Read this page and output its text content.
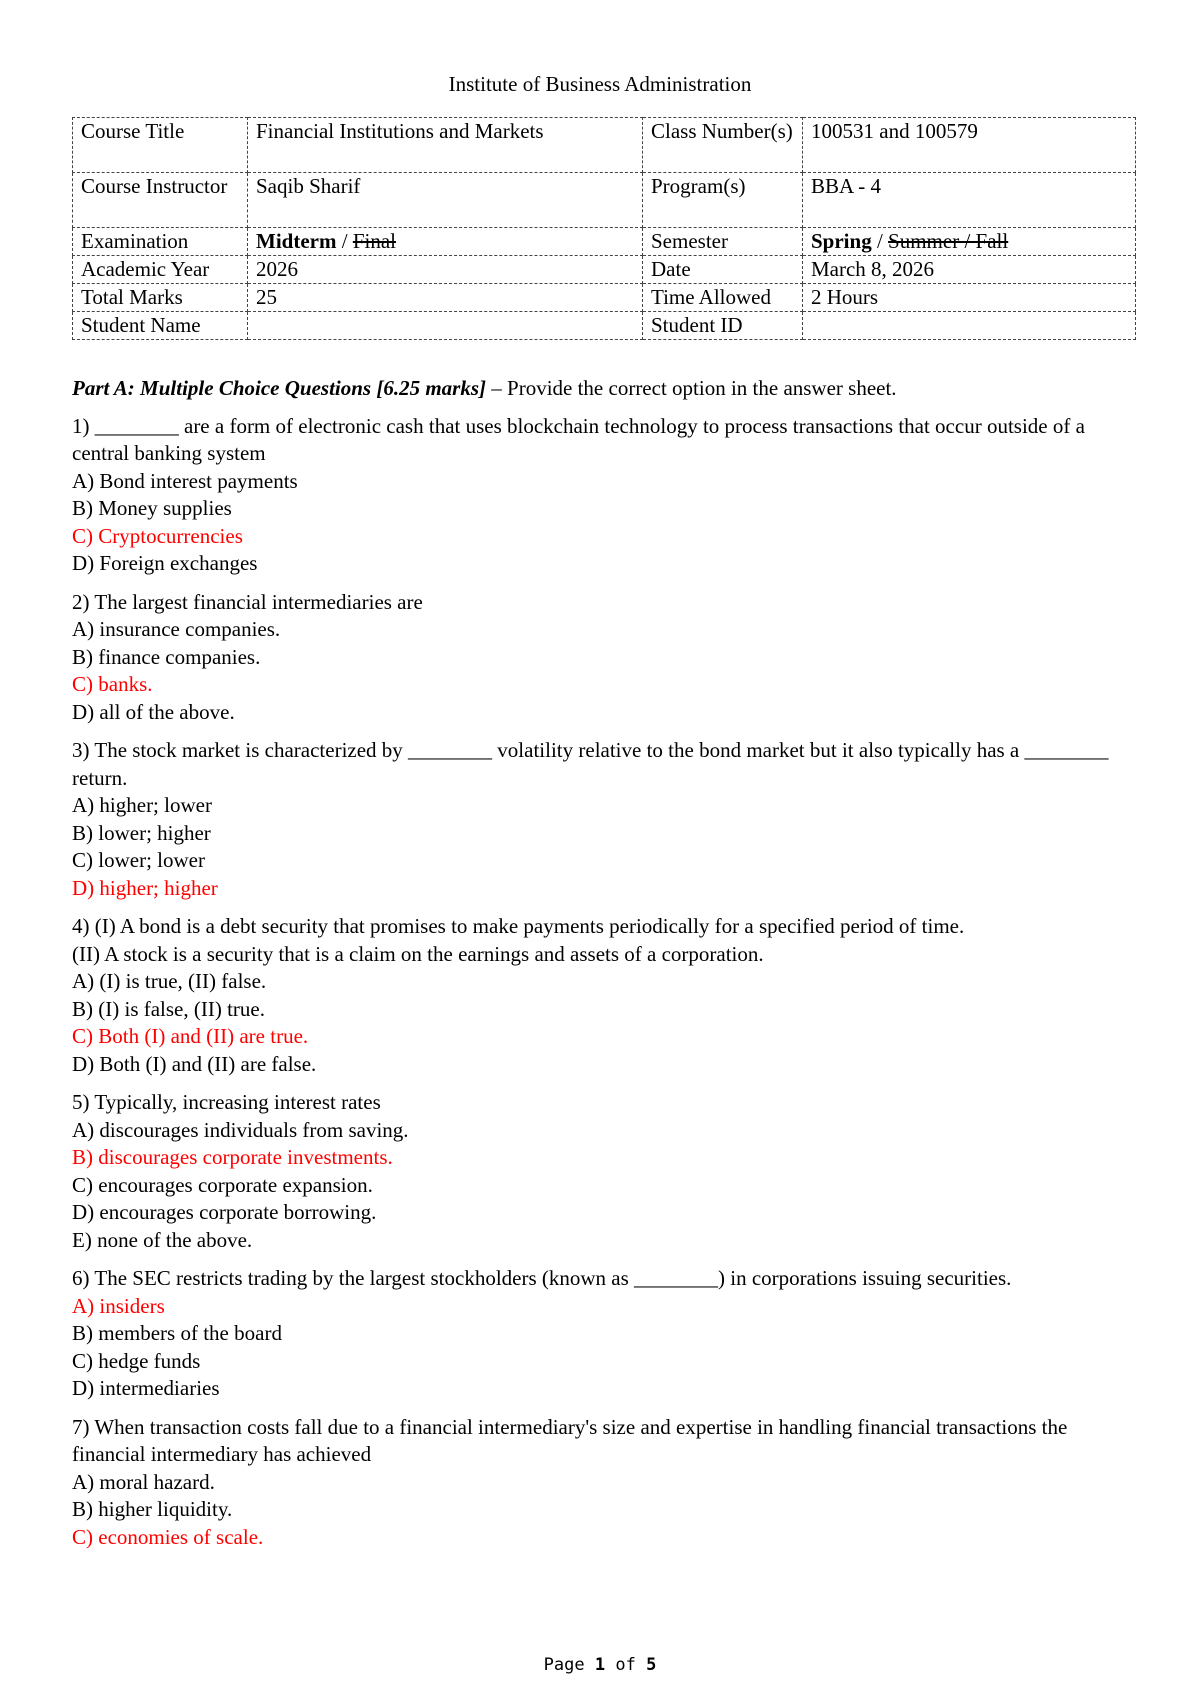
Institute of Business Administration
Course Title	Financial Institutions and Markets	Class Number(s)	100531 and 100579
Course Instructor	Saqib Sharif	Program(s)	BBA - 4
Examination	Midterm / Final	Semester	Spring / Summer / Fall
Academic Year	2026	Date	March 8, 2026
Total Marks	25	Time Allowed	2 Hours
Student Name		Student ID	
Part A: Multiple Choice Questions [6.25 marks] – Provide the correct option in the answer sheet.
1) ________ are a form of electronic cash that uses blockchain technology to process transactions that occur outside of a central banking system
A) Bond interest payments
B) Money supplies
C) Cryptocurrencies
D) Foreign exchanges
2) The largest financial intermediaries are
A) insurance companies.
B) finance companies.
C) banks.
D) all of the above.
3) The stock market is characterized by ________ volatility relative to the bond market but it also typically has a ________ return.
A) higher; lower
B) lower; higher
C) lower; lower
D) higher; higher
4) (I) A bond is a debt security that promises to make payments periodically for a specified period of time.
(II) A stock is a security that is a claim on the earnings and assets of a corporation.
A) (I) is true, (II) false.
B) (I) is false, (II) true.
C) Both (I) and (II) are true.
D) Both (I) and (II) are false.
5) Typically, increasing interest rates
A) discourages individuals from saving.
B) discourages corporate investments.
C) encourages corporate expansion.
D) encourages corporate borrowing.
E) none of the above.
6) The SEC restricts trading by the largest stockholders (known as ________) in corporations issuing securities.
A) insiders
B) members of the board
C) hedge funds
D) intermediaries
7) When transaction costs fall due to a financial intermediary's size and expertise in handling financial transactions the financial intermediary has achieved
A) moral hazard.
B) higher liquidity.
C) economies of scale.
Page 1 of 5
